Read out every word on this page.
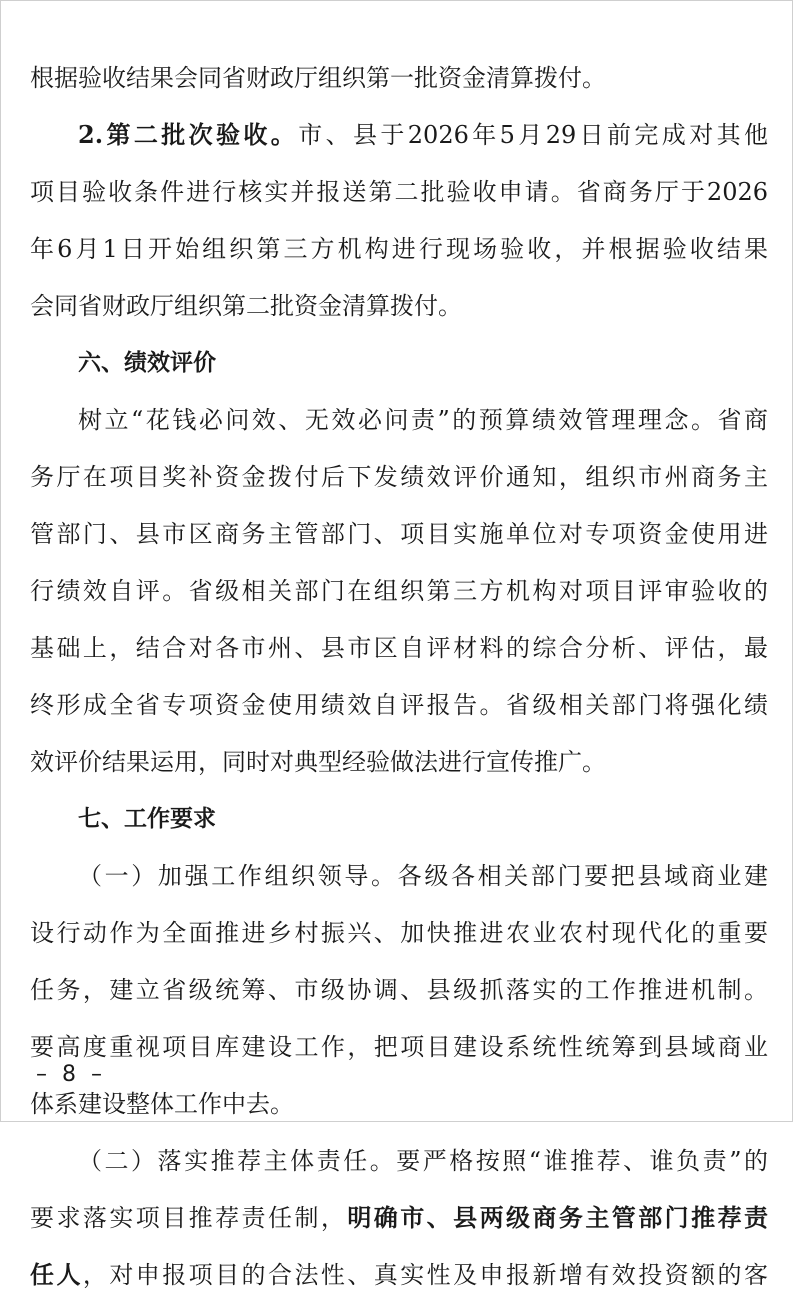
根据验收结果会同省财政厅组织第一批资金清算拨付。
2.第二批次验收。市、县于2026年5月29日前完成对其他
项目验收条件进行核实并报送第二批验收申请。省商务厅于2026
年6月1日开始组织第三方机构进行现场验收，并根据验收结果
会同省财政厅组织第二批资金清算拨付。
六、绩效评价
树立“花钱必问效、无效必问责”的预算绩效管理理念。省商
务厅在项目奖补资金拨付后下发绩效评价通知，组织市州商务主
管部门、县市区商务主管部门、项目实施单位对专项资金使用进
行绩效自评。省级相关部门在组织第三方机构对项目评审验收的
基础上，结合对各市州、县市区自评材料的综合分析、评估，最
终形成全省专项资金使用绩效自评报告。省级相关部门将强化绩
效评价结果运用，同时对典型经验做法进行宣传推广。
七、工作要求
（一）加强工作组织领导。各级各相关部门要把县域商业建
设行动作为全面推进乡村振兴、加快推进农业农村现代化的重要
任务，建立省级统筹、市级协调、县级抓落实的工作推进机制。
要高度重视项目库建设工作，把项目建设系统性统筹到县域商业
体系建设整体工作中去。
（二）落实推荐主体责任。要严格按照“谁推荐、谁负责”的
要求落实项目推荐责任制，明确市、县两级商务主管部门推荐责
任人，对申报项目的合法性、真实性及申报新增有效投资额的客
– 8 –
